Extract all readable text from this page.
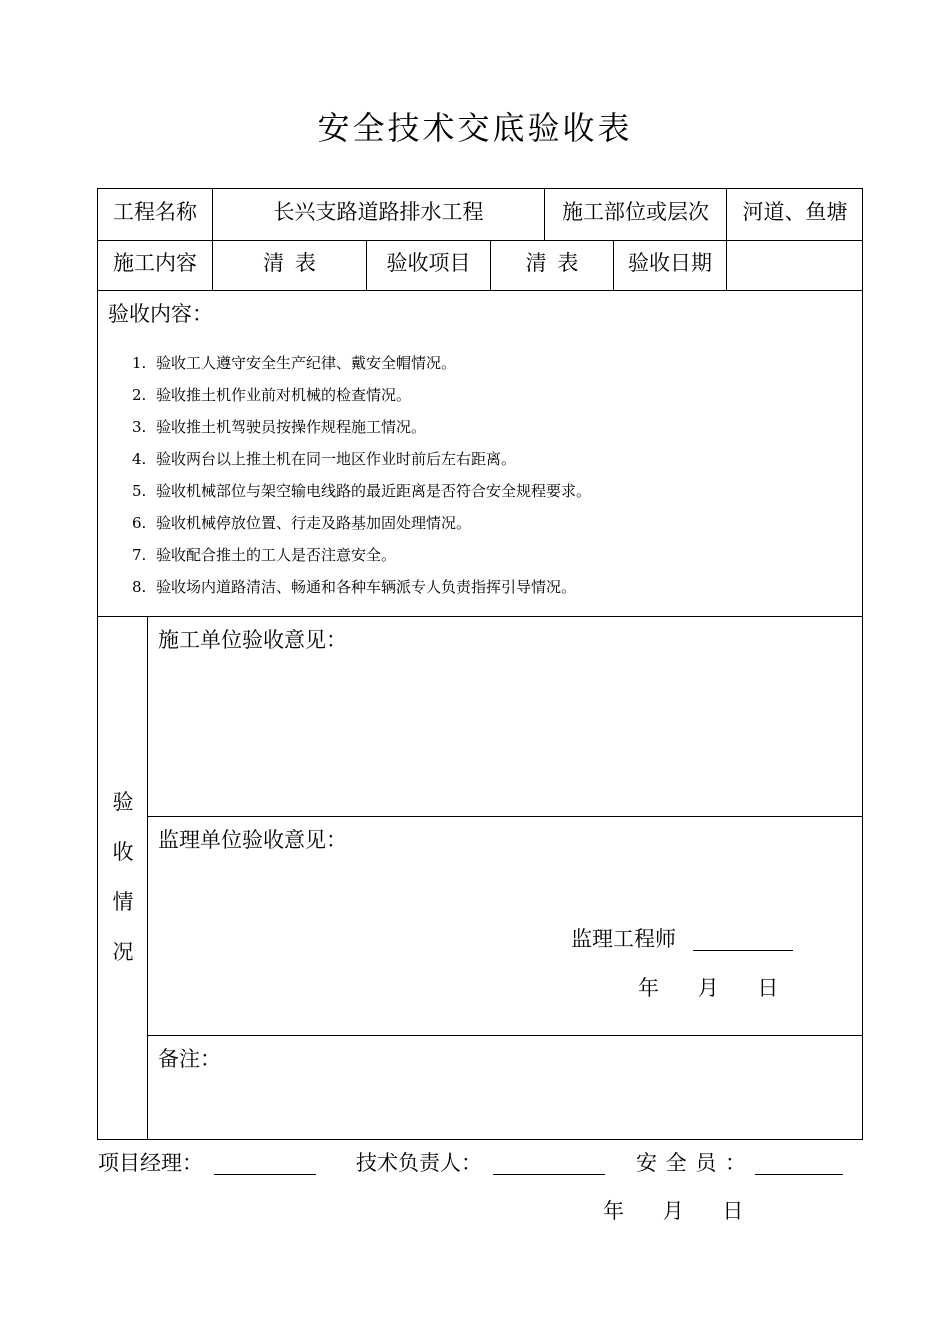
安全技术交底验收表
工程名称	长兴支路道路排水工程	施工部位或层次	河道、鱼塘
施工内容	清 表	验收项目	清 表	验收日期
验收内容：
1. 验收工人遵守安全生产纪律、戴安全帽情况。
2. 验收推土机作业前对机械的检查情况。
3. 验收推土机驾驶员按操作规程施工情况。
4. 验收两台以上推土机在同一地区作业时前后左右距离。
5. 验收机械部位与架空输电线路的最近距离是否符合安全规程要求。
6. 验收机械停放位置、行走及路基加固处理情况。
7. 验收配合推土的工人是否注意安全。
8. 验收场内道路清洁、畅通和各种车辆派专人负责指挥引导情况。
验
收
情
况
施工单位验收意见：
监理单位验收意见：
监理工程师
年 月 日
备注：
项目经理：	技术负责人：	安 全 员 ：
年 月 日
